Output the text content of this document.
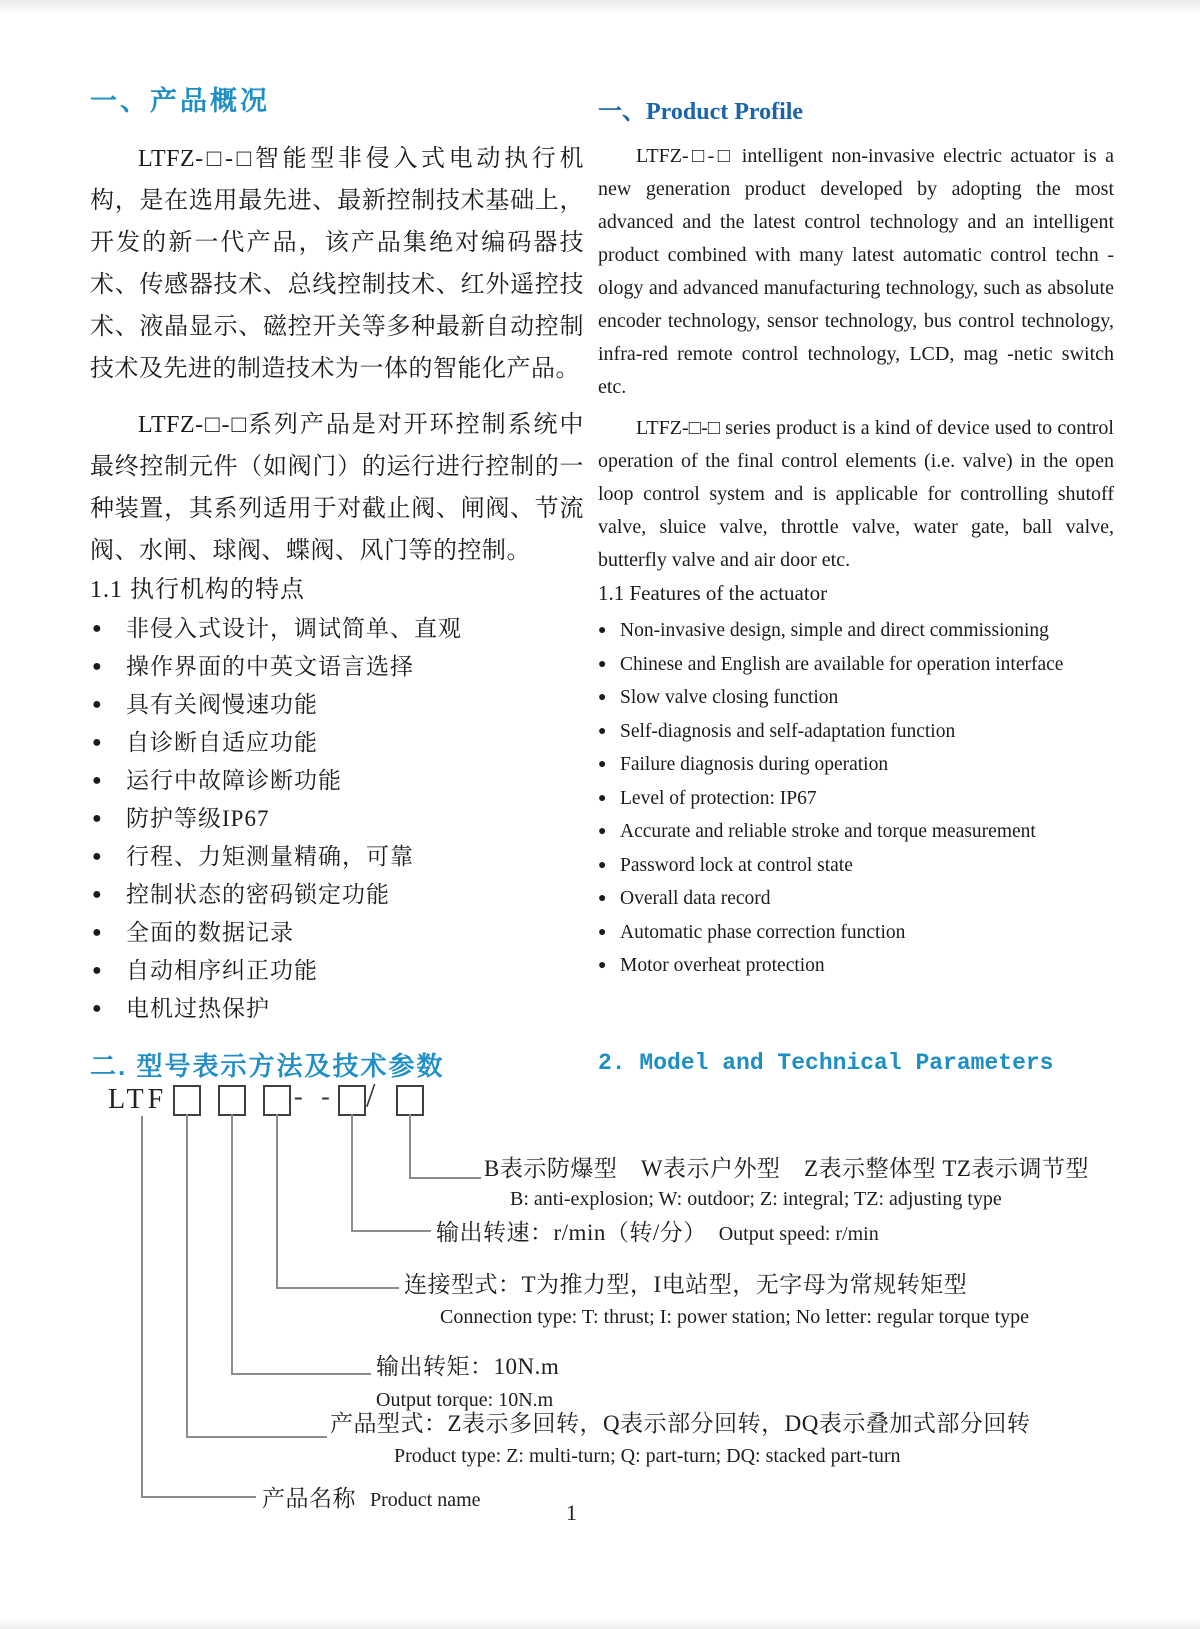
一、产品概况

LTFZ-□-□智能型非侵入式电动执行机构，是在选用最先进、最新控制技术基础上，开发的新一代产品，该产品集绝对编码器技术、传感器技术、总线控制技术、红外遥控技术、液晶显示、磁控开关等多种最新自动控制技术及先进的制造技术为一体的智能化产品。

LTFZ-□-□系列产品是对开环控制系统中最终控制元件（如阀门）的运行进行控制的一种装置，其系列适用于对截止阀、闸阀、节流阀、水闸、球阀、蝶阀、风门等的控制。

1.1 执行机构的特点
● 非侵入式设计，调试简单、直观
● 操作界面的中英文语言选择
● 具有关阀慢速功能
● 自诊断自适应功能
● 运行中故障诊断功能
● 防护等级IP67
● 行程、力矩测量精确，可靠
● 控制状态的密码锁定功能
● 全面的数据记录
● 自动相序纠正功能
● 电机过热保护
一、Product Profile

LTFZ-□-□ intelligent non-invasive electric actuator is a new generation product developed by adopting the most advanced and the latest control technology and an intelligent product combined with many latest automatic control techn -ology and advanced manufacturing technology, such as absolute encoder technology, sensor technology, bus control technology, infra-red remote control technology, LCD, mag -netic switch etc.

LTFZ-□-□ series product is a kind of device used to control operation of the final control elements (i.e. valve) in the open loop control system and is applicable for controlling shutoff valve, sluice valve, throttle valve, water gate, ball valve, butterfly valve and air door etc.

1.1 Features of the actuator
● Non-invasive design, simple and direct commissioning
● Chinese and English are available for operation interface
● Slow valve closing function
● Self-diagnosis and self-adaptation function
● Failure diagnosis during operation
● Level of protection: IP67
● Accurate and reliable stroke and torque measurement
● Password lock at control state
● Overall data record
● Automatic phase correction function
● Motor overheat protection
二. 型号表示方法及技术参数	2. Model and Technical Parameters
LTF	- - /
B表示防爆型　W表示户外型　Z表示整体型 TZ表示调节型
B: anti-explosion; W: outdoor; Z: integral; TZ: adjusting type
输出转速：r/min（转/分） Output speed: r/min
连接型式：T为推力型，I电站型，无字母为常规转矩型
Connection type: T: thrust; I: power station; No letter: regular torque type
输出转矩：10N.m
Output torque: 10N.m
产品型式：Z表示多回转，Q表示部分回转，DQ表示叠加式部分回转
Product type: Z: multi-turn; Q: part-turn; DQ: stacked part-turn
产品名称 Product name	1
